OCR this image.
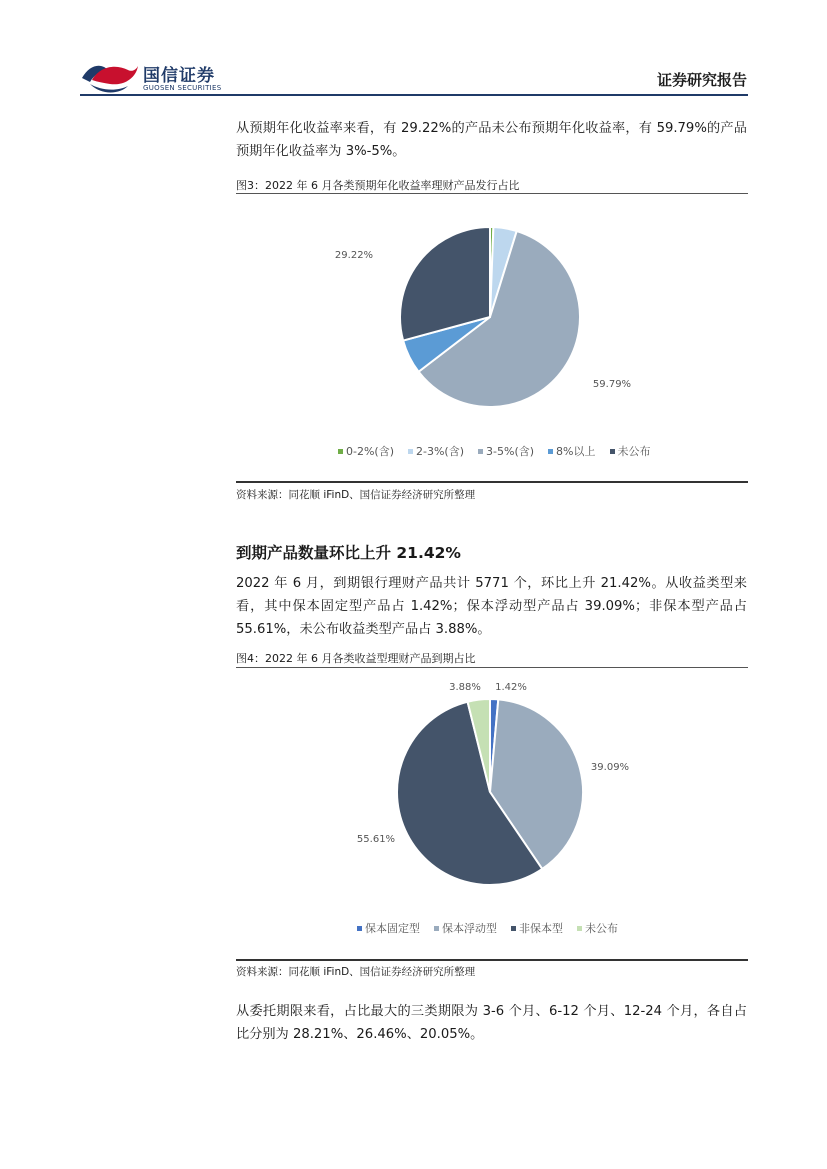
国信证券
GUOSEN SECURITIES	证券研究报告
从预期年化收益率来看，有 29.22%的产品未公布预期年化收益率，有 59.79%的产品预期年化收益率为 3%-5%。
图3：2022 年 6 月各类预期年化收益率理财产品发行占比
29.22%
59.79%
0-2%(含) 2-3%(含) 3-5%(含) 8%以上 未公布
资料来源：同花顺 iFinD、国信证券经济研究所整理
到期产品数量环比上升 21.42%
2022 年 6 月，到期银行理财产品共计 5771 个，环比上升 21.42%。从收益类型来看，其中保本固定型产品占 1.42%；保本浮动型产品占 39.09%；非保本型产品占 55.61%，未公布收益类型产品占 3.88%。
图4：2022 年 6 月各类收益型理财产品到期占比
1.42%
39.09%
55.61%
3.88%
保本固定型 保本浮动型 非保本型 未公布
资料来源：同花顺 iFinD、国信证券经济研究所整理
从委托期限来看，占比最大的三类期限为 3-6 个月、6-12 个月、12-24 个月，各自占比分别为 28.21%、26.46%、20.05%。
